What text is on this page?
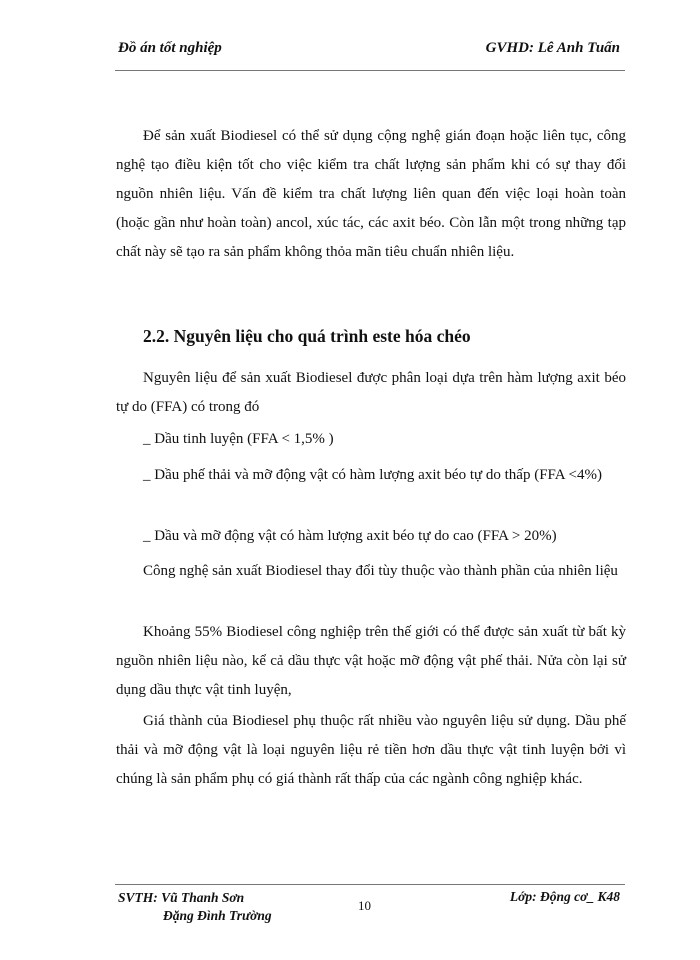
Đồ án tốt nghiệp	GVHD: Lê Anh Tuấn

Để sản xuất Biodiesel có thể sử dụng cộng nghệ gián đoạn hoặc liên tục, công nghệ tạo điều kiện tốt cho việc kiểm tra chất lượng sản phẩm khi có sự thay đổi nguồn nhiên liệu. Vấn đề kiểm tra chất lượng liên quan đến việc loại hoàn toàn (hoặc gần như hoàn toàn) ancol, xúc tác, các axit béo. Còn lẫn một trong những tạp chất này sẽ tạo ra sản phẩm không thỏa mãn tiêu chuẩn nhiên liệu.

2.2. Nguyên liệu cho quá trình este hóa chéo

Nguyên liệu để sản xuất Biodiesel được phân loại dựa trên hàm lượng axit béo tự do (FFA) có trong đó

_ Dầu tinh luyện (FFA < 1,5% )

_ Dầu phế thải và mỡ động vật có hàm lượng axit béo tự do thấp (FFA <4%)

_ Dầu và mỡ động vật có hàm lượng axit béo tự do cao (FFA > 20%)

Công nghệ sản xuất Biodiesel thay đổi tùy thuộc vào thành phần của nhiên liệu

Khoảng 55% Biodiesel công nghiệp trên thế giới có thể được sản xuất từ bất kỳ nguồn nhiên liệu nào, kể cả dầu thực vật hoặc mỡ động vật phế thải. Nửa còn lại sử dụng dầu thực vật tinh luyện,

Giá thành của Biodiesel phụ thuộc rất nhiều vào nguyên liệu sử dụng. Dầu phế thải và mỡ động vật là loại nguyên liệu rẻ tiền hơn dầu thực vật tinh luyện bởi vì chúng là sản phẩm phụ có giá thành rất thấp của các ngành công nghiệp khác.

SVTH: Vũ Thanh Sơn
Đặng Đình Trường
10
Lớp: Động cơ_ K48
